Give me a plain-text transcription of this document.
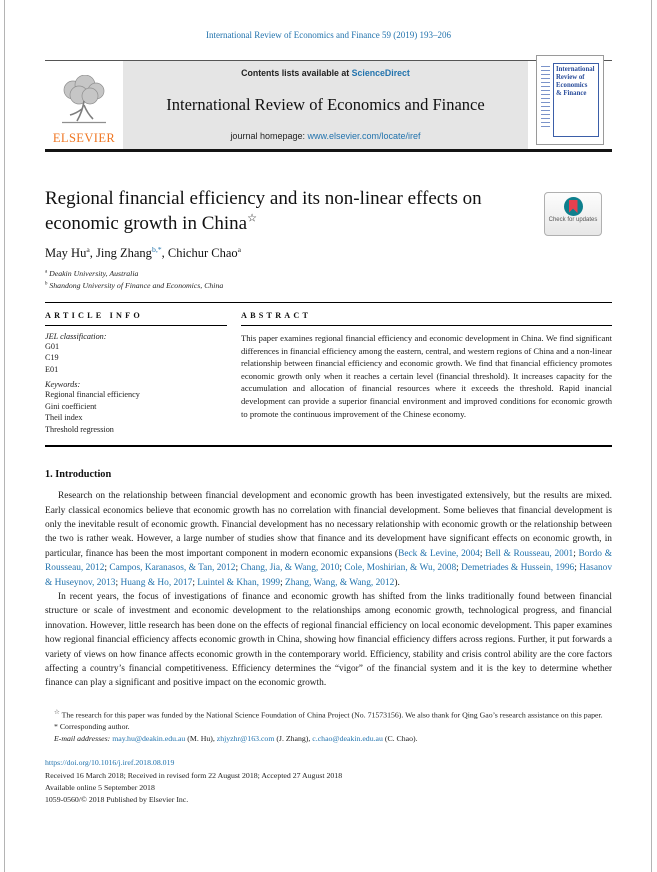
International Review of Economics and Finance 59 (2019) 193–206
ELSEVIER
Contents lists available at ScienceDirect
International Review of Economics and Finance
journal homepage: www.elsevier.com/locate/iref
International
Review of
Economics
& Finance
Regional financial efficiency and its non-linear effects on economic growth in China☆	Check for updates
May Hu$^a$, Jing Zhang$^{b,*}$, Chichur Chao$^a$
$^a$ Deakin University, Australia
$^b$ Shandong University of Finance and Economics, China
ARTICLE INFO
JEL classification:
G01
C19
E01
Keywords:
Regional financial efficiency
Gini coefficient
Theil index
Threshold regression
ABSTRACT
This paper examines regional financial efficiency and economic development in China. We find significant differences in financial efficiency among the eastern, central, and western regions of China and a non-linear relationship between financial efficiency and economic growth. We find that financial efficiency promotes economic growth only when it reaches a certain level (financial threshold). It increases capacity for the accumulation and allocation of financial resources where it exceeds the threshold. Rapid inancial development can provide a superior financial environment and improved conditions for economic growth to promote the continuous improvement of the Chinese economy.
1. Introduction
Research on the relationship between financial development and economic growth has been investigated extensively, but the results are mixed. Early classical economics believe that economic growth has no correlation with financial development. Some believes that financial development is only the inevitable result of economic growth. Financial development has no necessary relationship with economic growth or the relationship between the two is rather weak. However, a large number of studies show that finance and its development have significant effects on economic growth, in particular, finance has been the most important component in modern economic expansions (Beck & Levine, 2004; Bell & Rousseau, 2001; Bordo & Rousseau, 2012; Campos, Karanasos, & Tan, 2012; Chang, Jia, & Wang, 2010; Cole, Moshirian, & Wu, 2008; Demetriades & Hussein, 1996; Hasanov & Huseynov, 2013; Huang & Ho, 2017; Luintel & Khan, 1999; Zhang, Wang, & Wang, 2012).
In recent years, the focus of investigations of finance and economic growth has shifted from the links traditionally found between financial structure or scale of investment and economic development to the relationships among economic growth, technological progress, and financial innovation. However, little research has been done on the effects of regional financial efficiency on local economic development. This paper examines how regional financial efficiency affects economic growth in China, showing how financial efficiency differs across regions. Further, it put forwards a variety of views on how finance affects economic growth in the contemporary world. Efficiency, stability and crisis control ability are the core factors affecting a country’s financial competitiveness. Efficiency determines the “vigor” of the financial system and it is the key to determine whether finance can play a significant and positive impact on the economic growth.
☆ The research for this paper was funded by the National Science Foundation of China Project (No. 71573156). We also thank for Qing Gao’s research assistance on this paper.
* Corresponding author.
E-mail addresses: may.hu@deakin.edu.au (M. Hu), zhjyzhr@163.com (J. Zhang), c.chao@deakin.edu.au (C. Chao).
https://doi.org/10.1016/j.iref.2018.08.019
Received 16 March 2018; Received in revised form 22 August 2018; Accepted 27 August 2018
Available online 5 September 2018
1059-0560/© 2018 Published by Elsevier Inc.
